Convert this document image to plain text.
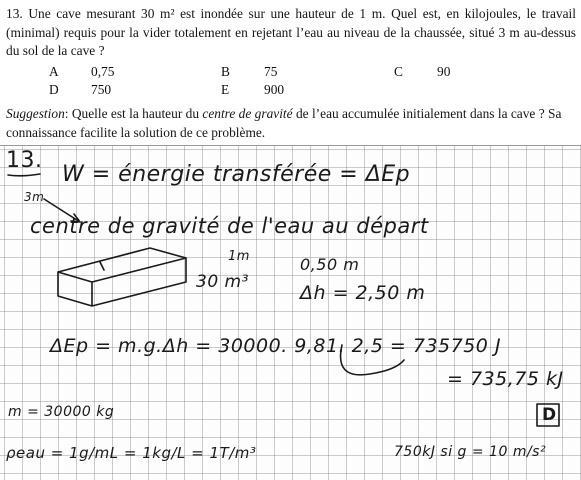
13. Une cave mesurant 30 m² est inondée sur une hauteur de 1 m. Quel est, en kilojoules, le travail (minimal) requis pour la vider totalement en rejetant l’eau au niveau de la chaussée, situé 3 m au-dessus du sol de la cave ?
A 0,75	B	75	C	90
D 750	E	900
Suggestion: Quelle est la hauteur du centre de gravité de l’eau accumulée initialement dans la cave ? Sa connaissance facilite la solution de ce problème.
13.
W = énergie transférée = ΔEp
3m
centre de gravité de l'eau au départ
1m
30 m³
0,50 m
Δh = 2,50 m
ΔEp = m.g.Δh = 30000. 9,81. 2,5 = 735750 J
= 735,75 kJ
m = 30000 kg	D
ρeau = 1g/mL = 1kg/L = 1T/m³	750kJ si g = 10 m/s²
